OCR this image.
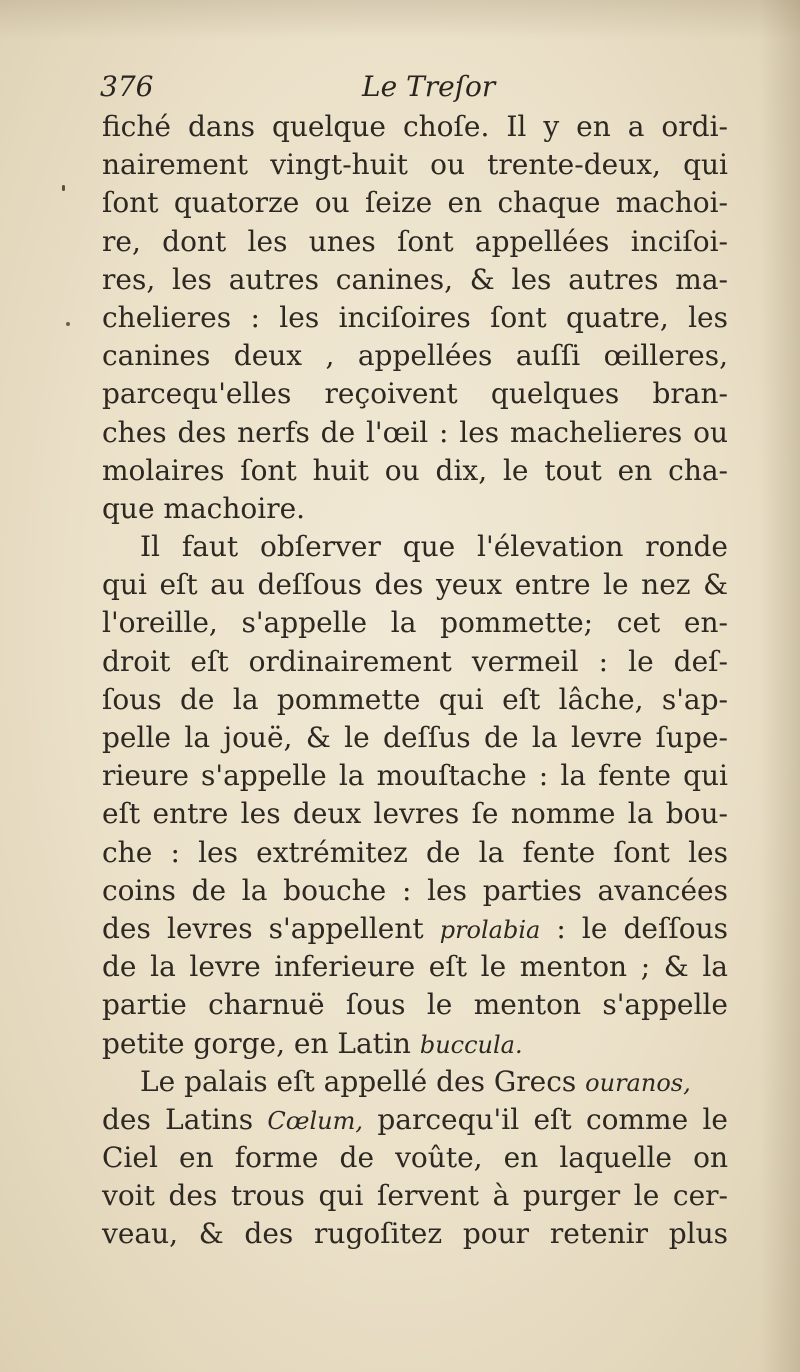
376	Le Treſor
fiché dans quelque choſe. Il y en a ordi-
nairement vingt-huit ou trente-deux, qui
ſont quatorze ou ſeize en chaque machoi-
re, dont les unes ſont appellées inciſoi-
res, les autres canines, & les autres ma-
chelieres : les inciſoires ſont quatre, les
canines deux , appellées auſſi œilleres,
parcequ'elles reçoivent quelques bran-
ches des nerfs de l'œil : les machelieres ou
molaires ſont huit ou dix, le tout en cha-
que machoire.
Il faut obſerver que l'élevation ronde
qui eſt au deſſous des yeux entre le nez &
l'oreille, s'appelle la pommette; cet en-
droit eſt ordinairement vermeil : le deſ-
ſous de la pommette qui eſt lâche, s'ap-
pelle la jouë, & le deſſus de la levre ſupe-
rieure s'appelle la mouſtache : la fente qui
eſt entre les deux levres ſe nomme la bou-
che : les extrémitez de la fente ſont les
coins de la bouche : les parties avancées
des levres s'appellent prolabia : le deſſous
de la levre inferieure eſt le menton ; & la
partie charnuë ſous le menton s'appelle
petite gorge, en Latin buccula.
Le palais eſt appellé des Grecs ouranos,
des Latins Cœlum, parcequ'il eſt comme le
Ciel en forme de voûte, en laquelle on
voit des trous qui ſervent à purger le cer-
veau, & des rugoſitez pour retenir plus
